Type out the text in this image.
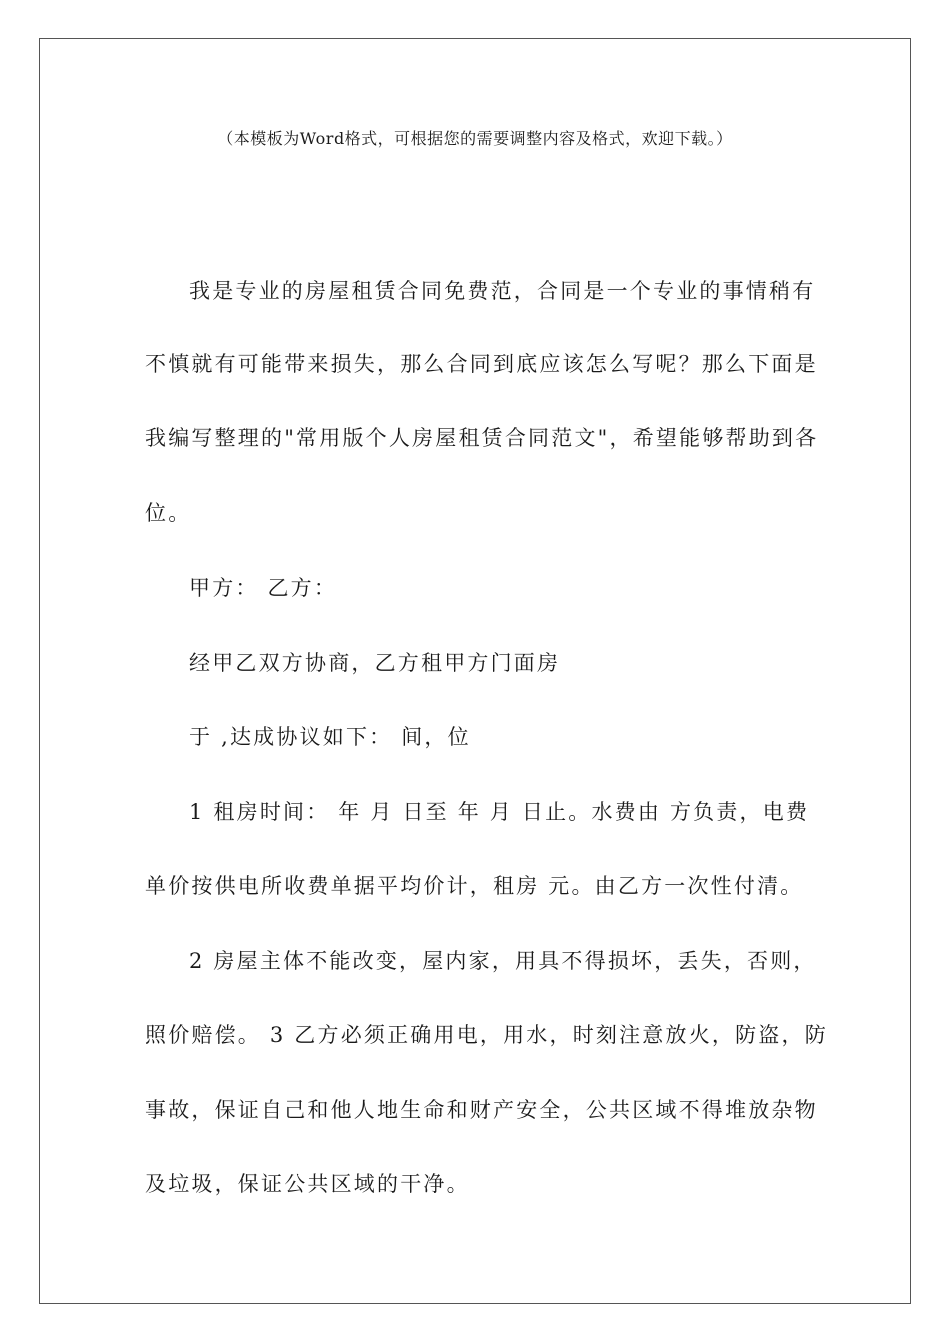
（本模板为Word格式，可根据您的需要调整内容及格式，欢迎下载。）
我是专业的房屋租赁合同免费范，合同是一个专业的事情稍有
不慎就有可能带来损失，那么合同到底应该怎么写呢？那么下面是
我编写整理的"常用版个人房屋租赁合同范文"，希望能够帮助到各
位。
甲方： 乙方：
经甲乙双方协商，乙方租甲方门面房
于 ,达成协议如下： 间，位
1 租房时间： 年 月 日至 年 月 日止。水费由 方负责，电费
单价按供电所收费单据平均价计，租房 元。由乙方一次性付清。
2 房屋主体不能改变，屋内家，用具不得损坏，丢失，否则，
照价赔偿。 3 乙方必须正确用电，用水，时刻注意放火，防盗，防
事故，保证自己和他人地生命和财产安全，公共区域不得堆放杂物
及垃圾，保证公共区域的干净。
